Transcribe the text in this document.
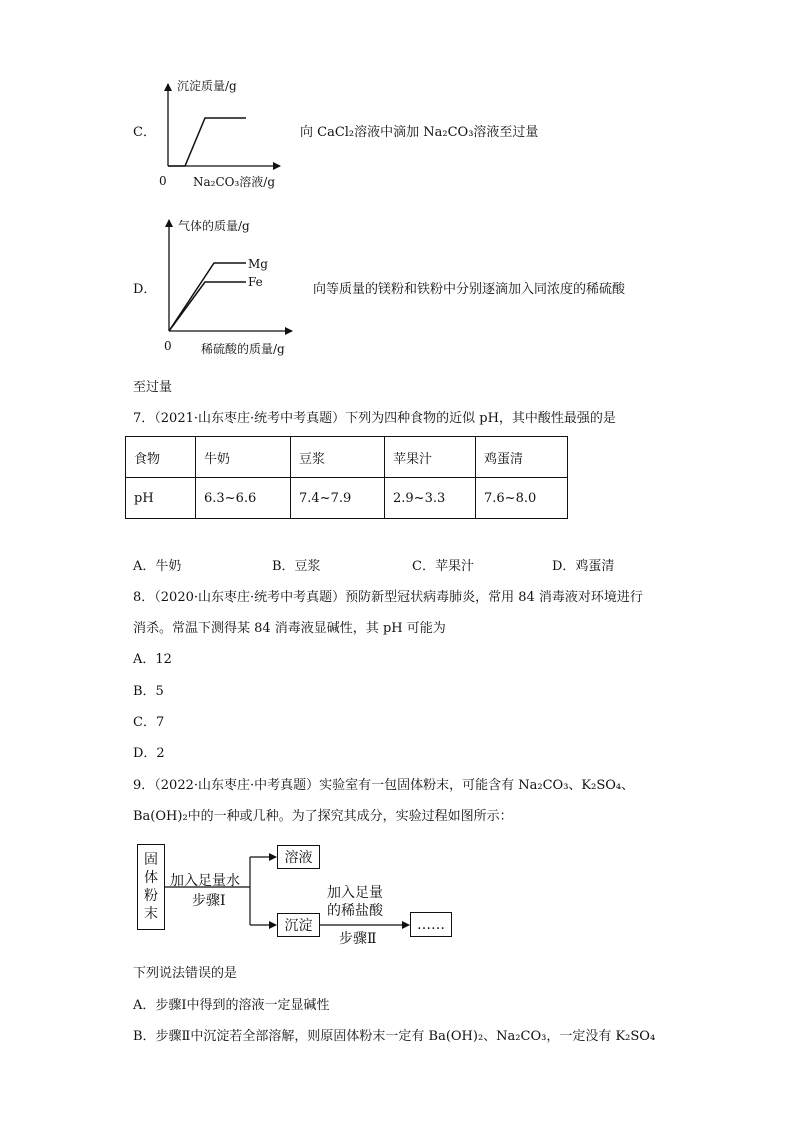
C．
沉淀质量/g
0 Na₂CO₃溶液/g
向 CaCl₂溶液中滴加 Na₂CO₃溶液至过量
D．
气体的质量/g
Mg
Fe
0 稀硫酸的质量/g
向等质量的镁粉和铁粉中分别逐滴加入同浓度的稀硫酸
至过量
7．（2021·山东枣庄·统考中考真题）下列为四种食物的近似 pH，其中酸性最强的是
食物	牛奶	豆浆	苹果汁	鸡蛋清
pH	6.3~6.6	7.4~7.9	2.9~3.3	7.6~8.0
A．牛奶	B．豆浆	C．苹果汁	D．鸡蛋清
8．（2020·山东枣庄·统考中考真题）预防新型冠状病毒肺炎，常用 84 消毒液对环境进行
消杀。常温下测得某 84 消毒液显碱性，其 pH 可能为
A．12
B．5
C．7
D．2
9．（2022·山东枣庄·中考真题）实验室有一包固体粉末，可能含有 Na₂CO₃、K₂SO₄、
Ba(OH)₂中的一种或几种。为了探究其成分，实验过程如图所示：
固
体
粉
末
加入足量水
步骤Ⅰ
溶液
沉淀
加入足量
的稀盐酸
步骤Ⅱ
……
下列说法错误的是
A．步骤Ⅰ中得到的溶液一定显碱性
B．步骤Ⅱ中沉淀若全部溶解，则原固体粉末一定有 Ba(OH)₂、Na₂CO₃，一定没有 K₂SO₄
